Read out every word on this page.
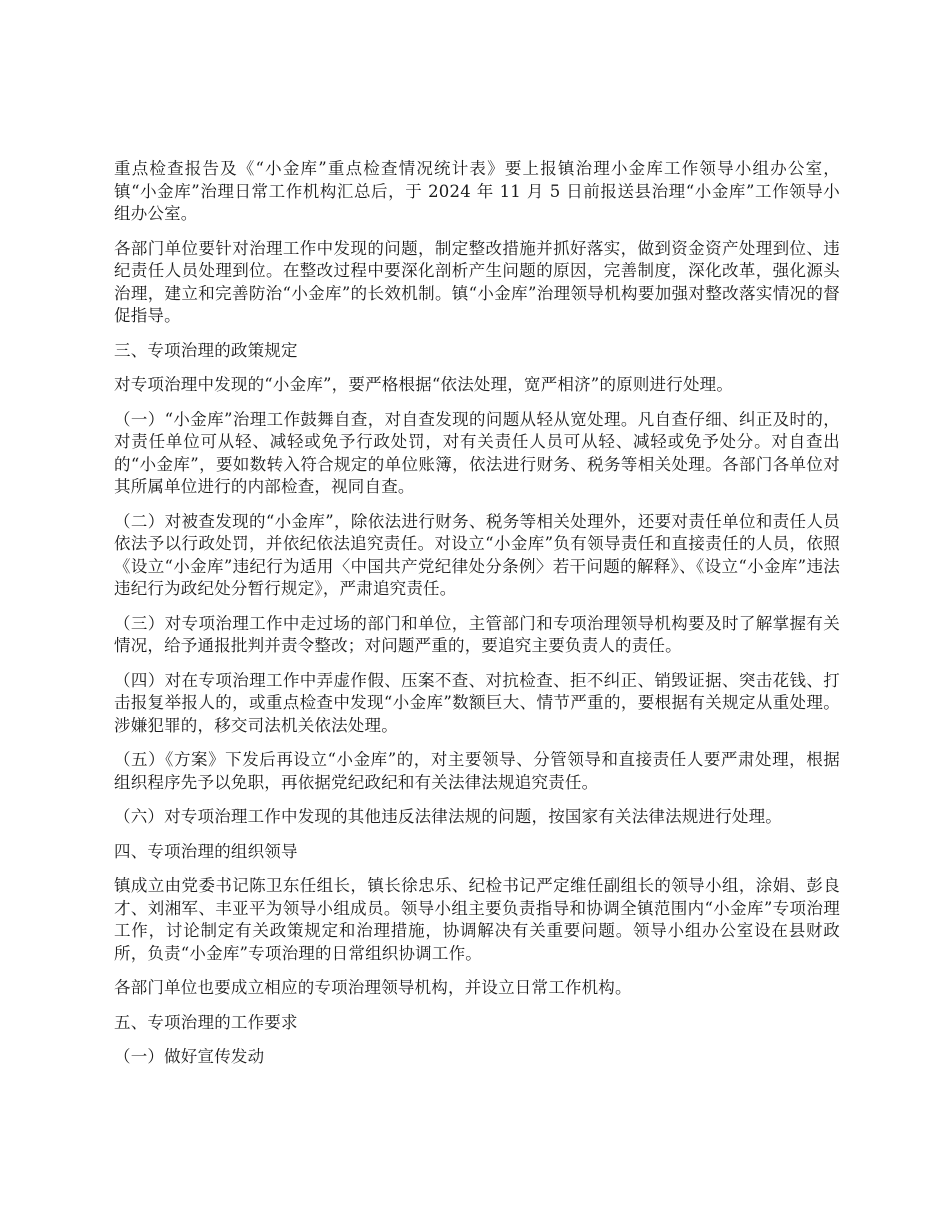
重点检查报告及《“小金库”重点检查情况统计表》要上报镇治理小金库工作领导小组办公室，镇“小金库”治理日常工作机构汇总后，于 2024 年 11 月 5 日前报送县治理“小金库”工作领导小组办公室。

各部门单位要针对治理工作中发现的问题，制定整改措施并抓好落实，做到资金资产处理到位、违纪责任人员处理到位。在整改过程中要深化剖析产生问题的原因，完善制度，深化改革，强化源头治理，建立和完善防治“小金库”的长效机制。镇“小金库”治理领导机构要加强对整改落实情况的督促指导。

三、专项治理的政策规定

对专项治理中发现的“小金库”，要严格根据“依法处理，宽严相济”的原则进行处理。

（一）“小金库”治理工作鼓舞自查，对自查发现的问题从轻从宽处理。凡自查仔细、纠正及时的，对责任单位可从轻、减轻或免予行政处罚，对有关责任人员可从轻、减轻或免予处分。对自查出的“小金库”，要如数转入符合规定的单位账簿，依法进行财务、税务等相关处理。各部门各单位对其所属单位进行的内部检查，视同自查。

（二）对被查发现的“小金库”，除依法进行财务、税务等相关处理外，还要对责任单位和责任人员依法予以行政处罚，并依纪依法追究责任。对设立“小金库”负有领导责任和直接责任的人员，依照《设立“小金库”违纪行为适用〈中国共产党纪律处分条例〉若干问题的解释》、《设立“小金库”违法违纪行为政纪处分暂行规定》，严肃追究责任。

（三）对专项治理工作中走过场的部门和单位，主管部门和专项治理领导机构要及时了解掌握有关情况，给予通报批判并责令整改；对问题严重的，要追究主要负责人的责任。

（四）对在专项治理工作中弄虚作假、压案不查、对抗检查、拒不纠正、销毁证据、突击花钱、打击报复举报人的，或重点检查中发现“小金库”数额巨大、情节严重的，要根据有关规定从重处理。涉嫌犯罪的，移交司法机关依法处理。

（五）《方案》下发后再设立“小金库”的，对主要领导、分管领导和直接责任人要严肃处理，根据组织程序先予以免职，再依据党纪政纪和有关法律法规追究责任。

（六）对专项治理工作中发现的其他违反法律法规的问题，按国家有关法律法规进行处理。

四、专项治理的组织领导

镇成立由党委书记陈卫东任组长，镇长徐忠乐、纪检书记严定维任副组长的领导小组，涂娟、彭良才、刘湘军、丰亚平为领导小组成员。领导小组主要负责指导和协调全镇范围内“小金库”专项治理工作，讨论制定有关政策规定和治理措施，协调解决有关重要问题。领导小组办公室设在县财政所，负责“小金库”专项治理的日常组织协调工作。

各部门单位也要成立相应的专项治理领导机构，并设立日常工作机构。

五、专项治理的工作要求

（一）做好宣传发动
